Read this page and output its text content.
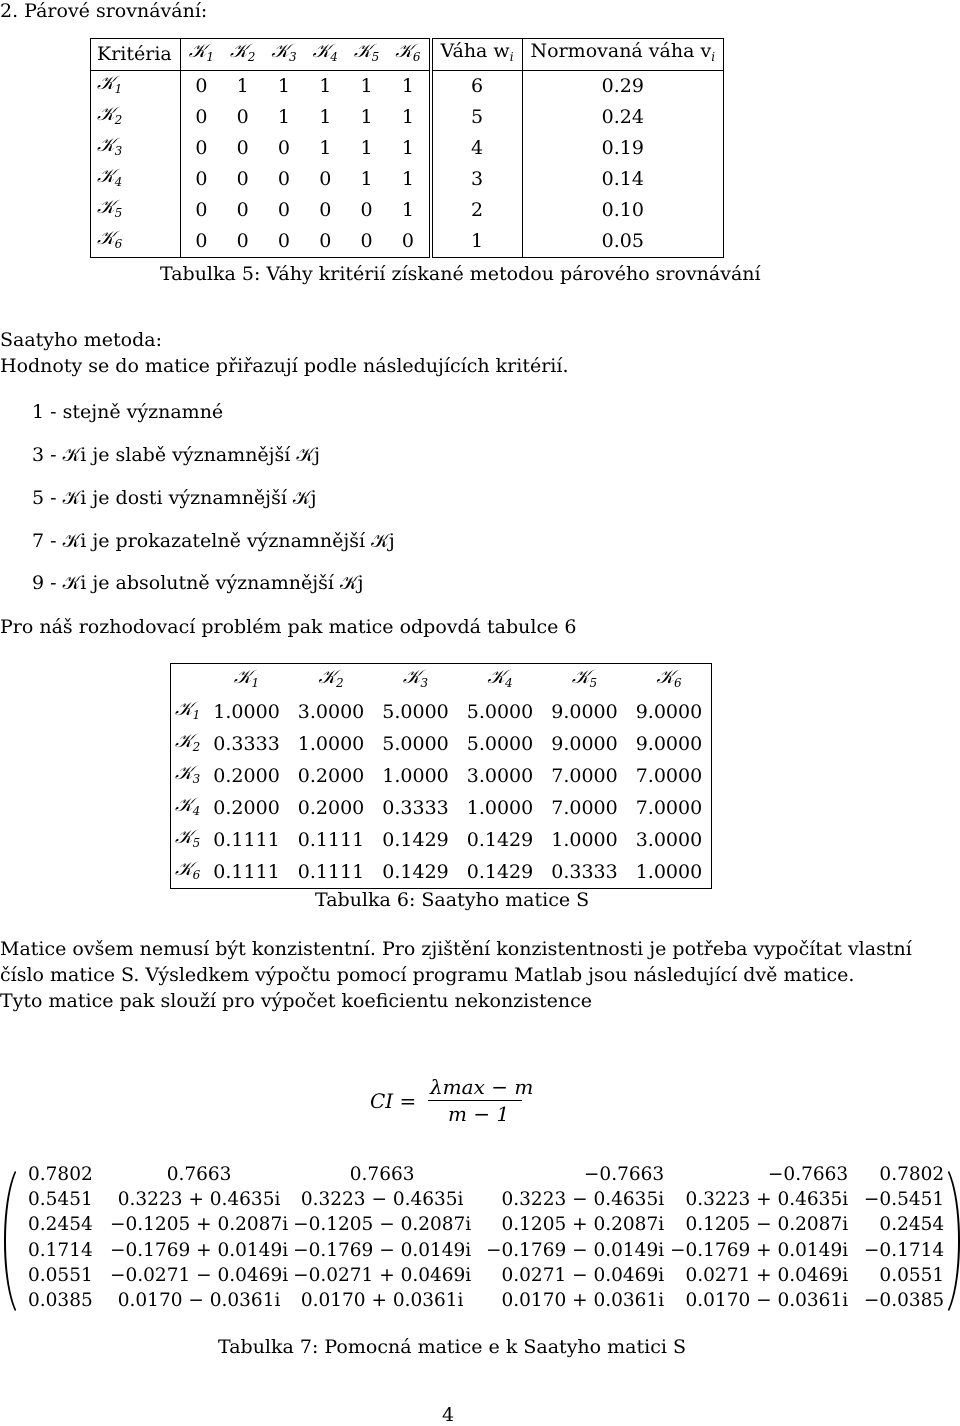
2. Párové srovnávání:
Kritéria	𝒦$_1$	𝒦$_2$	𝒦$_3$	𝒦$_4$	𝒦$_5$	𝒦$_6$	Váha $w_i$	Normovaná váha $v_i$
𝒦$_1$	0	1	1	1	1	1	6	0.29
𝒦$_2$	0	0	1	1	1	1	5	0.24
𝒦$_3$	0	0	0	1	1	1	4	0.19
𝒦$_4$	0	0	0	0	1	1	3	0.14
𝒦$_5$	0	0	0	0	0	1	2	0.10
𝒦$_6$	0	0	0	0	0	0	1	0.05
Tabulka 5: Váhy kritérií získané metodou párového srovnávání
Saatyho metoda:
Hodnoty se do matice přiřazují podle následujících kritérií.
1 - stejně významné
3 - 𝒦i je slabě významnější 𝒦j
5 - 𝒦i je dosti významnější 𝒦j
7 - 𝒦i je prokazatelně významnější 𝒦j
9 - 𝒦i je absolutně významnější 𝒦j
Pro náš rozhodovací problém pak matice odpovdá tabulce 6
	𝒦$_1$	𝒦$_2$	𝒦$_3$	𝒦$_4$	𝒦$_5$	𝒦$_6$
𝒦$_1$	1.0000	3.0000	5.0000	5.0000	9.0000	9.0000
𝒦$_2$	0.3333	1.0000	5.0000	5.0000	9.0000	9.0000
𝒦$_3$	0.2000	0.2000	1.0000	3.0000	7.0000	7.0000
𝒦$_4$	0.2000	0.2000	0.3333	1.0000	7.0000	7.0000
𝒦$_5$	0.1111	0.1111	0.1429	0.1429	1.0000	3.0000
𝒦$_6$	0.1111	0.1111	0.1429	0.1429	0.3333	1.0000
Tabulka 6: Saatyho matice S
Matice ovšem nemusí být konzistentní. Pro zjištění konzistentnosti je potřeba vypočítat vlastní
číslo matice S. Výsledkem výpočtu pomocí programu Matlab jsou následující dvě matice.
Tyto matice pak slouží pro výpočet koeficientu nekonzistence
CI =
λmax − m
m − 1
0.7802	0.7663	0.7663	−0.7663	−0.7663	0.7802
0.5451	0.3223 + 0.4635i	0.3223 − 0.4635i	0.3223 − 0.4635i	0.3223 + 0.4635i	−0.5451
0.2454	−0.1205 + 0.2087i	−0.1205 − 0.2087i	0.1205 + 0.2087i	0.1205 − 0.2087i	0.2454
0.1714	−0.1769 + 0.0149i	−0.1769 − 0.0149i	−0.1769 − 0.0149i	−0.1769 + 0.0149i	−0.1714
0.0551	−0.0271 − 0.0469i	−0.0271 + 0.0469i	0.0271 − 0.0469i	0.0271 + 0.0469i	0.0551
0.0385	0.0170 − 0.0361i	0.0170 + 0.0361i	0.0170 + 0.0361i	0.0170 − 0.0361i	−0.0385
Tabulka 7: Pomocná matice e k Saatyho matici S
4
